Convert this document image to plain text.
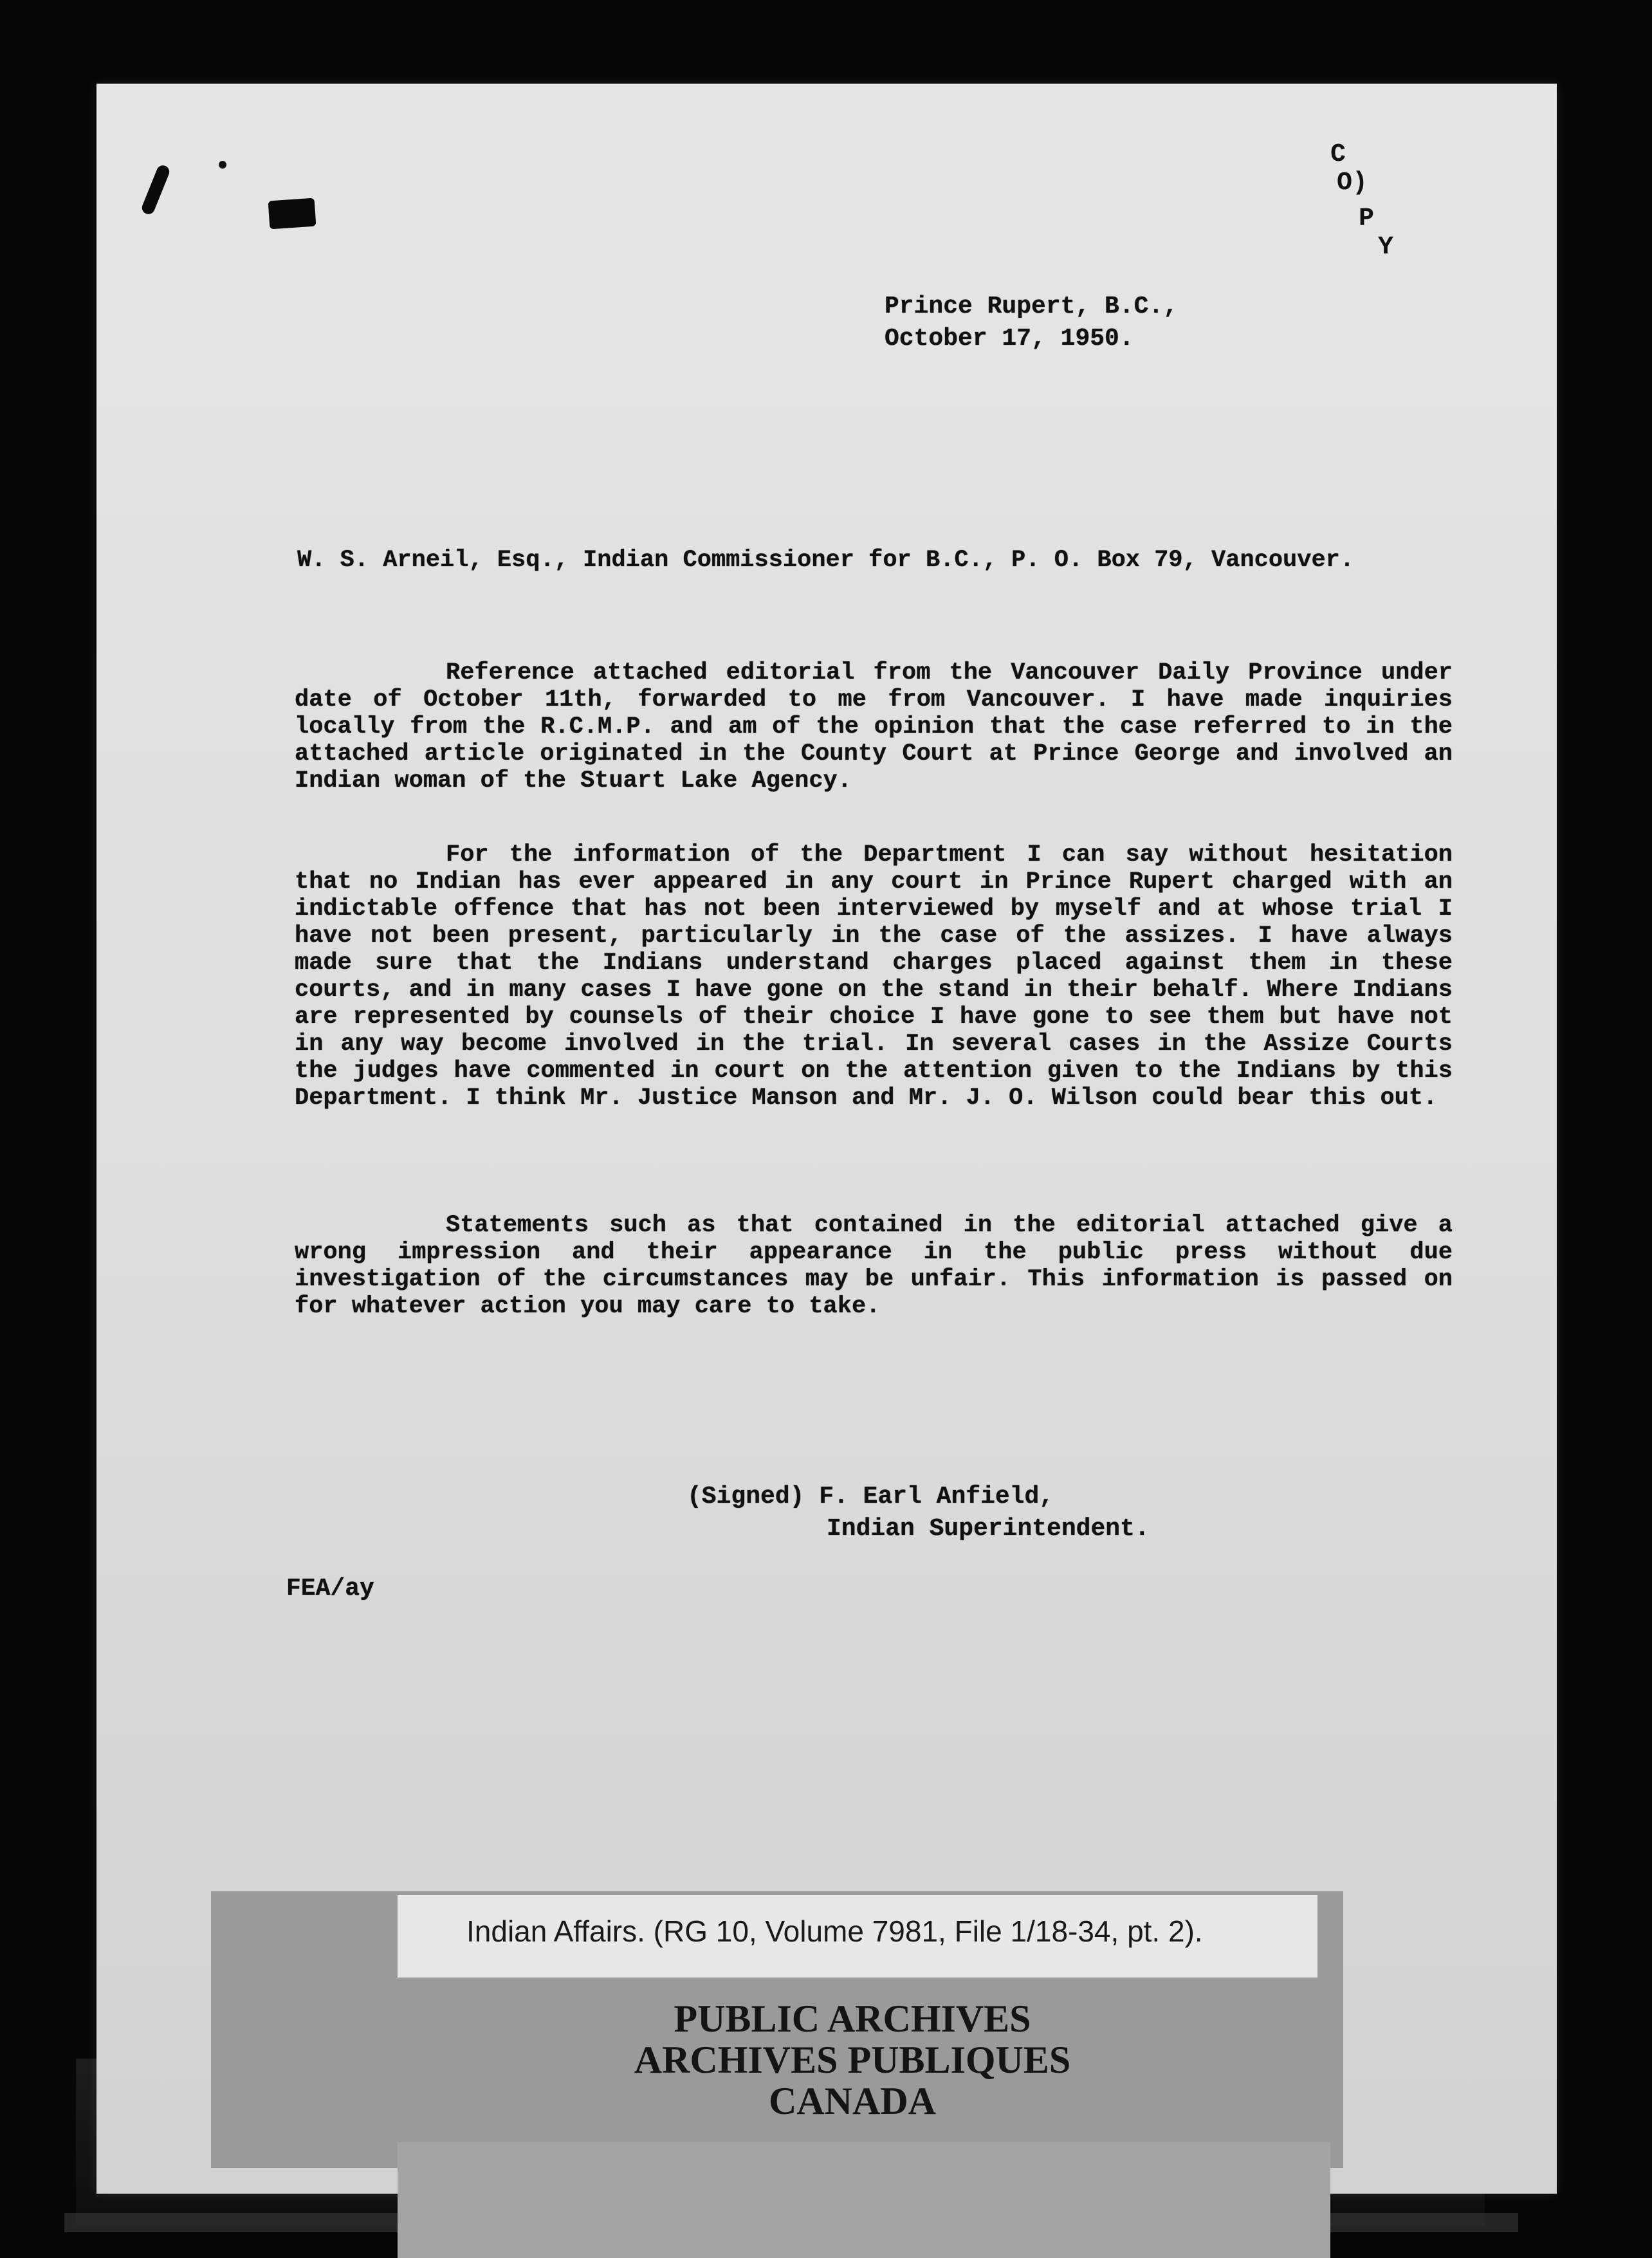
C
O)
P
Y
Prince Rupert, B.C.,
October 17, 1950.
W. S. Arneil, Esq., Indian Commissioner for B.C., P. O. Box 79, Vancouver.

Reference attached editorial from the Vancouver Daily Province under date of October 11th, forwarded to me from Vancouver. I have made inquiries locally from the R.C.M.P. and am of the opinion that the case referred to in the attached article originated in the County Court at Prince George and involved an Indian woman of the Stuart Lake Agency.
For the information of the Department I can say without hesitation that no Indian has ever appeared in any court in Prince Rupert charged with an indictable offence that has not been interviewed by myself and at whose trial I have not been present, particularly in the case of the assizes. I have always made sure that the Indians understand charges placed against them in these courts, and in many cases I have gone on the stand in their behalf. Where Indians are represented by counsels of their choice I have gone to see them but have not in any way become involved in the trial. In several cases in the Assize Courts the judges have commented in court on the attention given to the Indians by this Department. I think Mr. Justice Manson and Mr. J. O. Wilson could bear this out.
Statements such as that contained in the editorial attached give a wrong impression and their appearance in the public press without due investigation of the circumstances may be unfair. This information is passed on for whatever action you may care to take.
(Signed) F. Earl Anfield,
Indian Superintendent.
FEA/ay
Indian Affairs. (RG 10, Volume 7981, File 1/18-34, pt. 2).
PUBLIC ARCHIVES
ARCHIVES PUBLIQUES
CANADA
